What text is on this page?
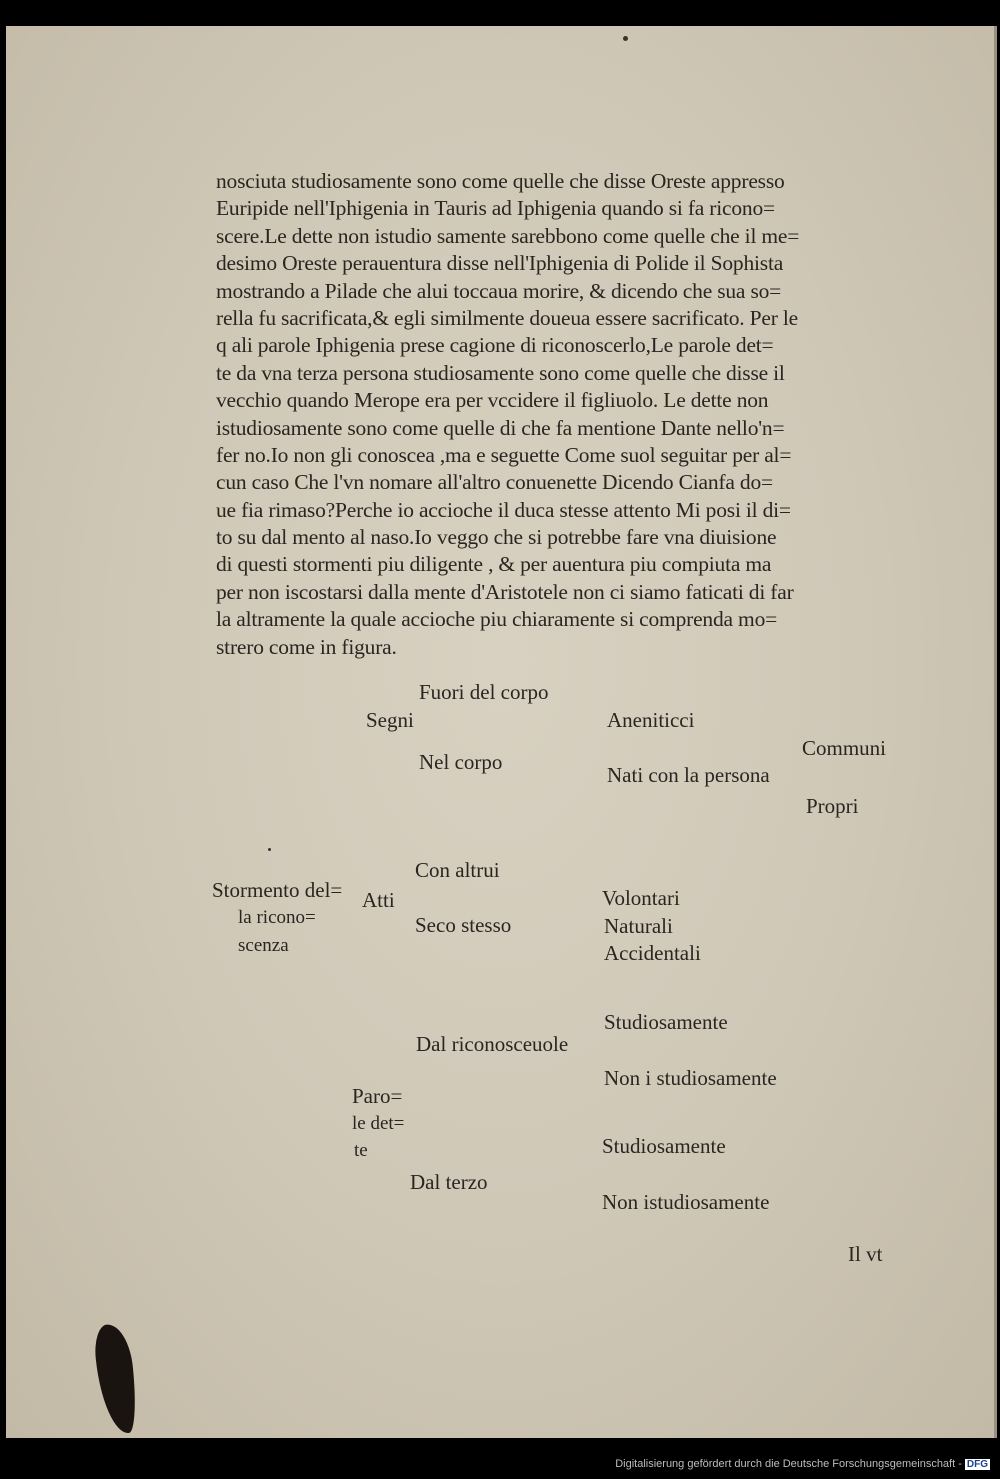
nosciuta studiosamente sono come quelle che disse Oreste appresso
Euripide nell'Iphigenia in Tauris ad Iphigenia quando si fa ricono=
scere.Le dette non istudio samente sarebbono come quelle che il me=
desimo Oreste perauentura disse nell'Iphigenia di Polide il Sophista
mostrando a Pilade che alui toccaua morire, & dicendo che sua so=
rella fu sacrificata,& egli similmente doueua essere sacrificato. Per le
q ali parole Iphigenia prese cagione di riconoscerlo,Le parole det=
te da vna terza persona studiosamente sono come quelle che disse il
vecchio quando Merope era per vccidere il figliuolo. Le dette non
istudiosamente sono come quelle di che fa mentione Dante nello'n=
fer no.Io non gli conoscea ,ma e seguette Come suol seguitar per al=
cun caso Che l'vn nomare all'altro conuenette Dicendo Cianfa do=
ue fia rimaso?Perche io accioche il duca stesse attento Mi posi il di=
to su dal mento al naso.Io veggo che si potrebbe fare vna diuisione
di questi stormenti piu diligente , & per auentura piu compiuta ma
per non iscostarsi dalla mente d'Aristotele non ci siamo faticati di far
la altramente la quale accioche piu chiaramente si comprenda mo=
strero come in figura.
Fuori del corpo
Segni	Aneniticci
Communi
Nel corpo
Nati con la persona
Propri
Con altrui
Stormento del= Atti	Volontari
la ricono=	Seco stesso	Naturali
scenza	Accidentali
Studiosamente
Dal riconosceuole
Non i studiosamente
Paro=
le det=
Studiosamente
te
Dal terzo
Non istudiosamente
Il vt
Digitalisierung gefördert durch die Deutsche Forschungsgemeinschaft - DFG
